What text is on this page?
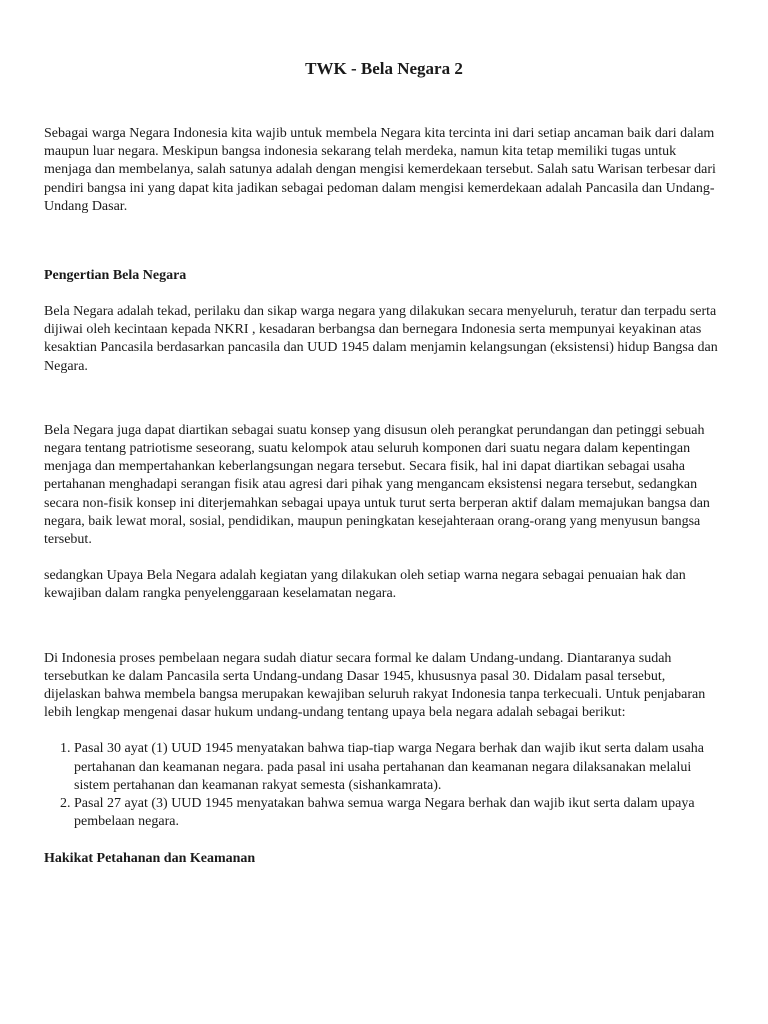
TWK - Bela Negara 2

Sebagai warga Negara Indonesia kita wajib untuk membela Negara kita tercinta ini dari setiap ancaman baik dari dalam maupun luar negara. Meskipun bangsa indonesia sekarang telah merdeka, namun kita tetap memiliki tugas untuk menjaga dan membelanya, salah satunya adalah dengan mengisi kemerdekaan tersebut. Salah satu Warisan terbesar dari pendiri bangsa ini yang dapat kita jadikan sebagai pedoman dalam mengisi kemerdekaan adalah Pancasila dan Undang-Undang Dasar.

Pengertian Bela Negara

Bela Negara adalah tekad, perilaku dan sikap warga negara yang dilakukan secara menyeluruh, teratur dan terpadu serta dijiwai oleh kecintaan kepada NKRI , kesadaran berbangsa dan bernegara Indonesia serta mempunyai keyakinan atas kesaktian Pancasila berdasarkan pancasila dan UUD 1945 dalam menjamin kelangsungan (eksistensi) hidup Bangsa dan Negara.

Bela Negara juga dapat diartikan sebagai suatu konsep yang disusun oleh perangkat perundangan dan petinggi sebuah negara tentang patriotisme seseorang, suatu kelompok atau seluruh komponen dari suatu negara dalam kepentingan menjaga dan mempertahankan keberlangsungan negara tersebut. Secara fisik, hal ini dapat diartikan sebagai usaha pertahanan menghadapi serangan fisik atau agresi dari pihak yang mengancam eksistensi negara tersebut, sedangkan secara non-fisik konsep ini diterjemahkan sebagai upaya untuk turut serta berperan aktif dalam memajukan bangsa dan negara, baik lewat moral, sosial, pendidikan, maupun peningkatan kesejahteraan orang-orang yang menyusun bangsa tersebut.

sedangkan Upaya Bela Negara adalah kegiatan yang dilakukan oleh setiap warna negara sebagai penuaian hak dan kewajiban dalam rangka penyelenggaraan keselamatan negara.

Di Indonesia proses pembelaan negara sudah diatur secara formal ke dalam Undang-undang. Diantaranya sudah tersebutkan ke dalam Pancasila serta Undang-undang Dasar 1945, khususnya pasal 30. Didalam pasal tersebut, dijelaskan bahwa membela bangsa merupakan kewajiban seluruh rakyat Indonesia tanpa terkecuali. Untuk penjabaran lebih lengkap mengenai dasar hukum undang-undang tentang upaya bela negara adalah sebagai berikut:

1. Pasal 30 ayat (1) UUD 1945 menyatakan bahwa tiap-tiap warga Negara berhak dan wajib ikut serta dalam usaha pertahanan dan keamanan negara. pada pasal ini usaha pertahanan dan keamanan negara dilaksanakan melalui sistem pertahanan dan keamanan rakyat semesta (sishankamrata).
2. Pasal 27 ayat (3) UUD 1945 menyatakan bahwa semua warga Negara berhak dan wajib ikut serta dalam upaya pembelaan negara.

Hakikat Petahanan dan Keamanan
